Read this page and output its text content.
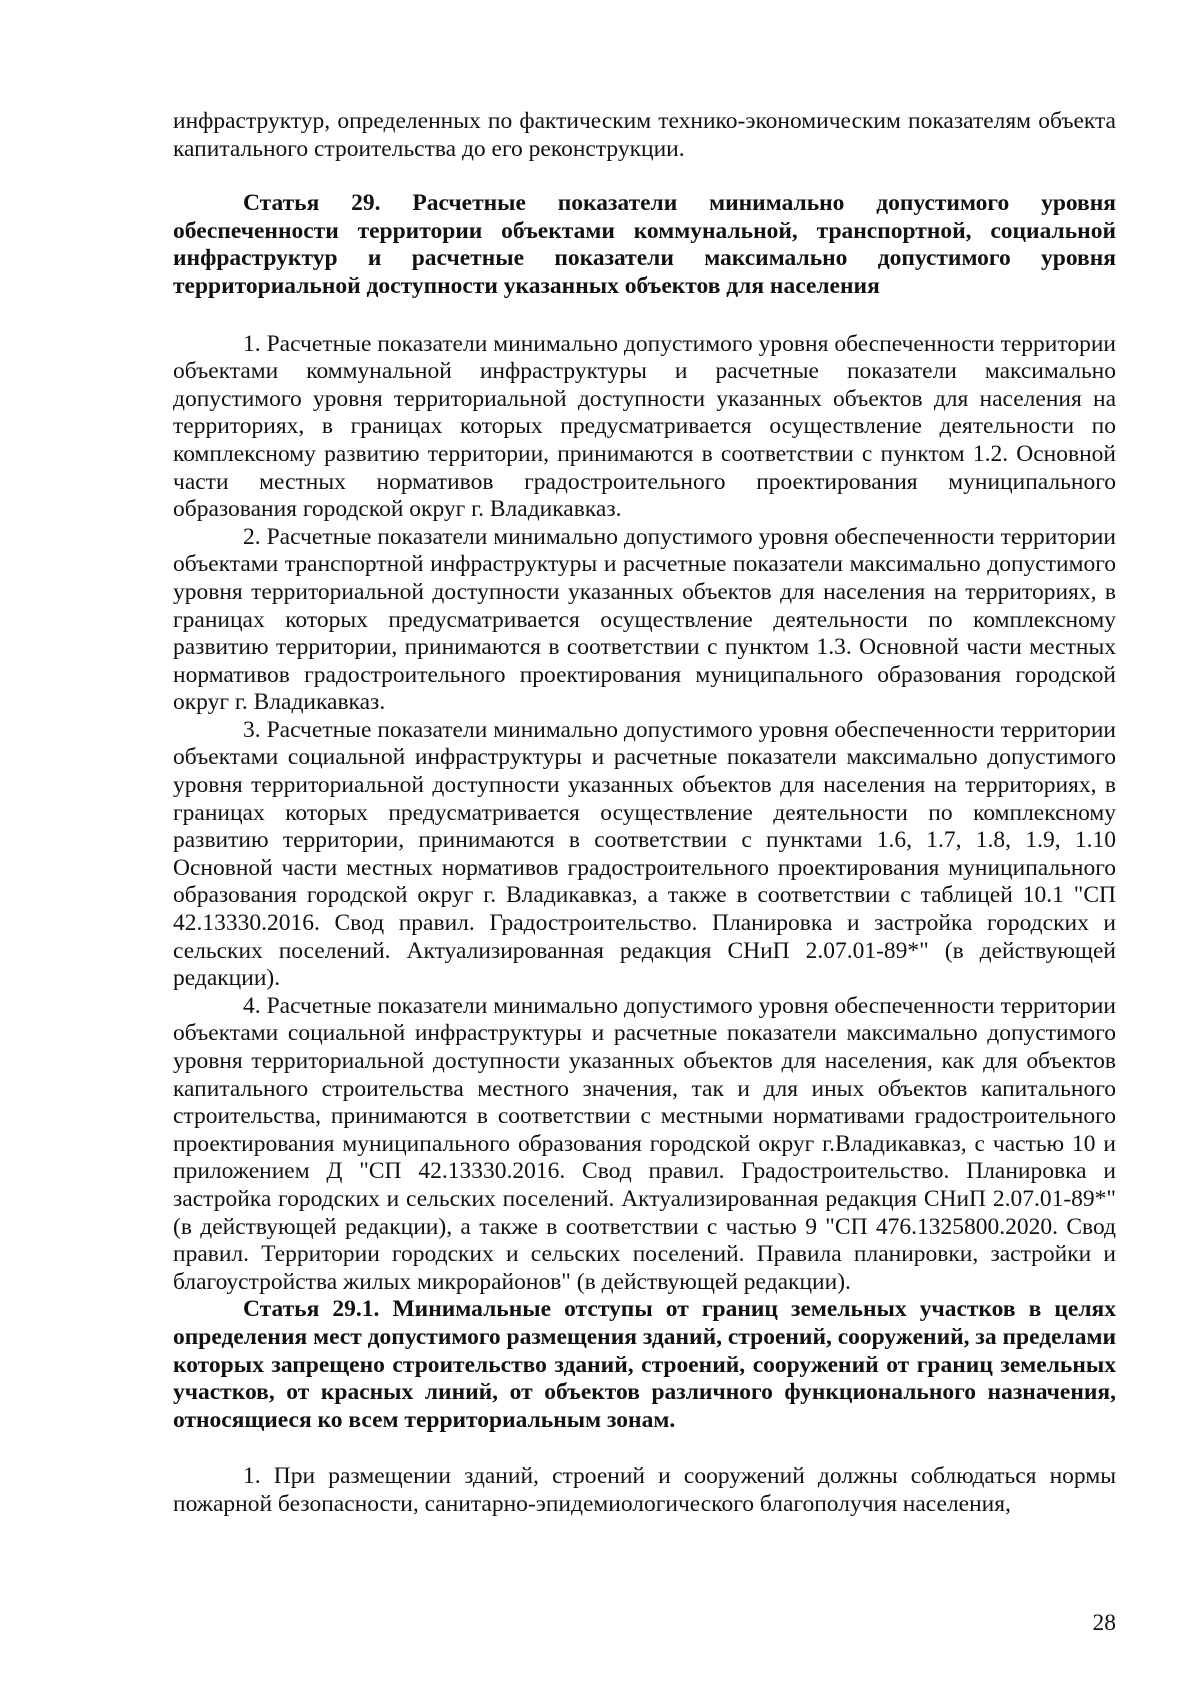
инфраструктур, определенных по фактическим технико-экономическим показателям объекта капитального строительства до его реконструкции.

Статья 29. Расчетные показатели минимально допустимого уровня обеспеченности территории объектами коммунальной, транспортной, социальной инфраструктур и расчетные показатели максимально допустимого уровня территориальной доступности указанных объектов для населения

1. Расчетные показатели минимально допустимого уровня обеспеченности территории объектами коммунальной инфраструктуры и расчетные показатели максимально допустимого уровня территориальной доступности указанных объектов для населения на территориях, в границах которых предусматривается осуществление деятельности по комплексному развитию территории, принимаются в соответствии с пунктом 1.2. Основной части местных нормативов градостроительного проектирования муниципального образования городской округ г. Владикавказ.

2. Расчетные показатели минимально допустимого уровня обеспеченности территории объектами транспортной инфраструктуры и расчетные показатели максимально допустимого уровня территориальной доступности указанных объектов для населения на территориях, в границах которых предусматривается осуществление деятельности по комплексному развитию территории, принимаются в соответствии с пунктом 1.3. Основной части местных нормативов градостроительного проектирования муниципального образования городской округ г. Владикавказ.

3. Расчетные показатели минимально допустимого уровня обеспеченности территории объектами социальной инфраструктуры и расчетные показатели максимально допустимого уровня территориальной доступности указанных объектов для населения на территориях, в границах которых предусматривается осуществление деятельности по комплексному развитию территории, принимаются в соответствии с пунктами 1.6, 1.7, 1.8, 1.9, 1.10 Основной части местных нормативов градостроительного проектирования муниципального образования городской округ г. Владикавказ, а также в соответствии с таблицей 10.1 "СП 42.13330.2016. Свод правил. Градостроительство. Планировка и застройка городских и сельских поселений. Актуализированная редакция СНиП 2.07.01-89*" (в действующей редакции).

4. Расчетные показатели минимально допустимого уровня обеспеченности территории объектами социальной инфраструктуры и расчетные показатели максимально допустимого уровня территориальной доступности указанных объектов для населения, как для объектов капитального строительства местного значения, так и для иных объектов капитального строительства, принимаются в соответствии с местными нормативами градостроительного проектирования муниципального образования городской округ г.Владикавказ, с частью 10 и приложением Д "СП 42.13330.2016. Свод правил. Градостроительство. Планировка и застройка городских и сельских поселений. Актуализированная редакция СНиП 2.07.01-89*" (в действующей редакции), а также в соответствии с частью 9 "СП 476.1325800.2020. Свод правил. Территории городских и сельских поселений. Правила планировки, застройки и благоустройства жилых микрорайонов" (в действующей редакции).

Статья 29.1. Минимальные отступы от границ земельных участков в целях определения мест допустимого размещения зданий, строений, сооружений, за пределами которых запрещено строительство зданий, строений, сооружений от границ земельных участков, от красных линий, от объектов различного функционального назначения, относящиеся ко всем территориальным зонам.

1. При размещении зданий, строений и сооружений должны соблюдаться нормы пожарной безопасности, санитарно-эпидемиологического благополучия населения,

28
